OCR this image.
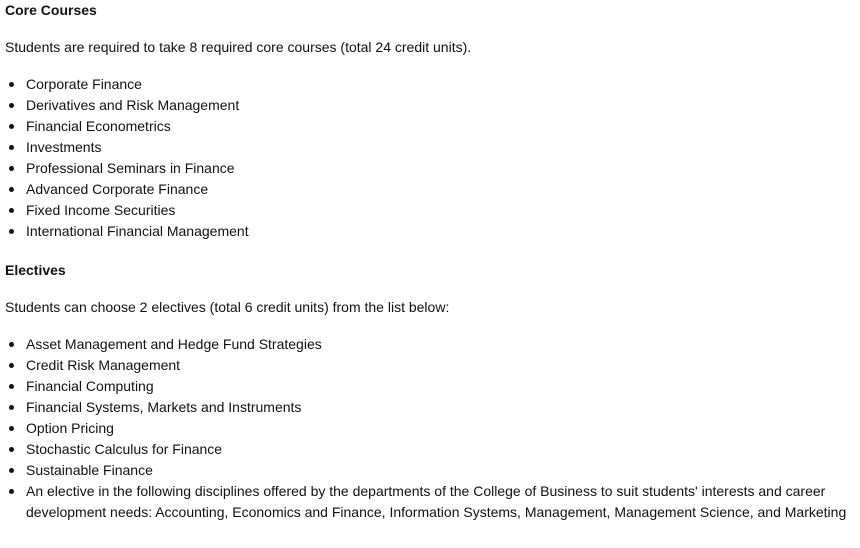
Core Courses

Students are required to take 8 required core courses (total 24 credit units).

Corporate Finance
Derivatives and Risk Management
Financial Econometrics
Investments
Professional Seminars in Finance
Advanced Corporate Finance
Fixed Income Securities
International Financial Management
Electives

Students can choose 2 electives (total 6 credit units) from the list below:

Asset Management and Hedge Fund Strategies
Credit Risk Management
Financial Computing
Financial Systems, Markets and Instruments
Option Pricing
Stochastic Calculus for Finance
Sustainable Finance
An elective in the following disciplines offered by the departments of the College of Business to suit students' interests and career development needs: Accounting, Economics and Finance, Information Systems, Management, Management Science, and Marketing
